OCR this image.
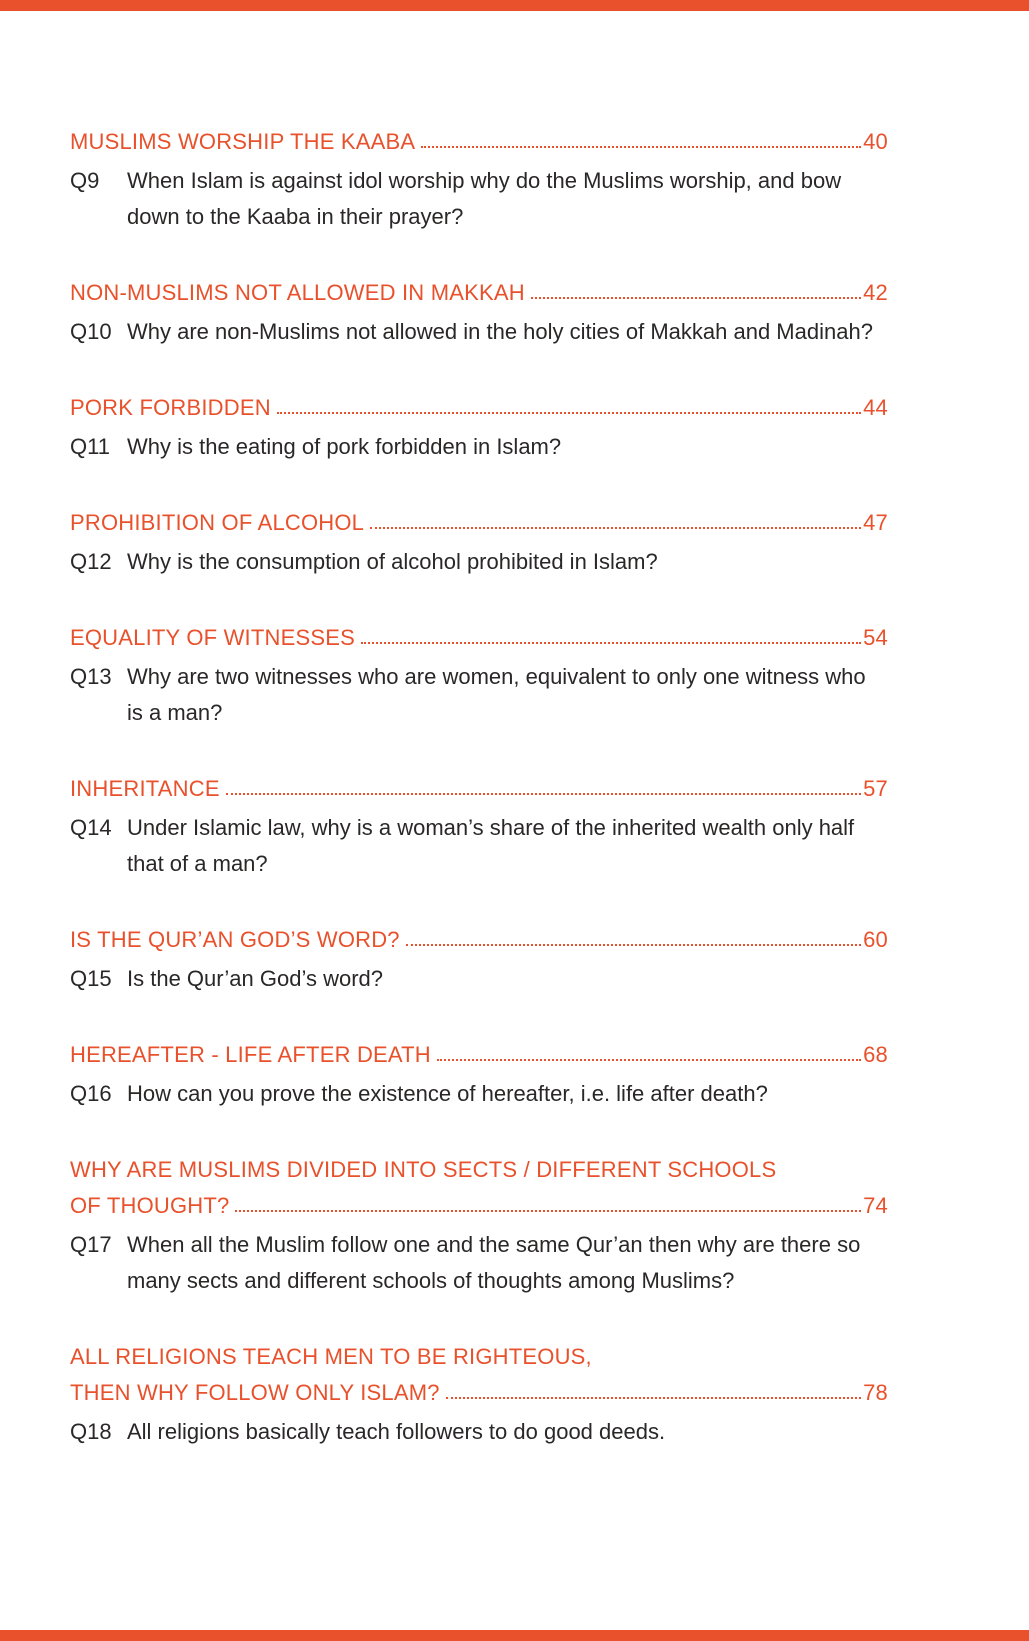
MUSLIMS WORSHIP THE KAABA	40
Q9	When Islam is against idol worship why do the Muslims worship, and bow down to the Kaaba in their prayer?
NON-MUSLIMS NOT ALLOWED IN MAKKAH	42
Q10 Why are non-Muslims not allowed in the holy cities of Makkah and Madinah?
PORK FORBIDDEN	44
Q11 Why is the eating of pork forbidden in Islam?
PROHIBITION OF ALCOHOL	47
Q12 Why is the consumption of alcohol prohibited in Islam?
EQUALITY OF WITNESSES	54
Q13 Why are two witnesses who are women, equivalent to only one witness who is a man?
INHERITANCE	57
Q14 Under Islamic law, why is a woman’s share of the inherited wealth only half that of a man?
IS THE QUR’AN GOD’S WORD?	60
Q15 Is the Qur’an God’s word?
HEREAFTER - LIFE AFTER DEATH	68
Q16 How can you prove the existence of hereafter, i.e. life after death?
WHY ARE MUSLIMS DIVIDED INTO SECTS / DIFFERENT SCHOOLS
OF THOUGHT?	74
Q17 When all the Muslim follow one and the same Qur’an then why are there so many sects and different schools of thoughts among Muslims?
ALL RELIGIONS TEACH MEN TO BE RIGHTEOUS,
THEN WHY FOLLOW ONLY ISLAM?	78
Q18 All religions basically teach followers to do good deeds.
